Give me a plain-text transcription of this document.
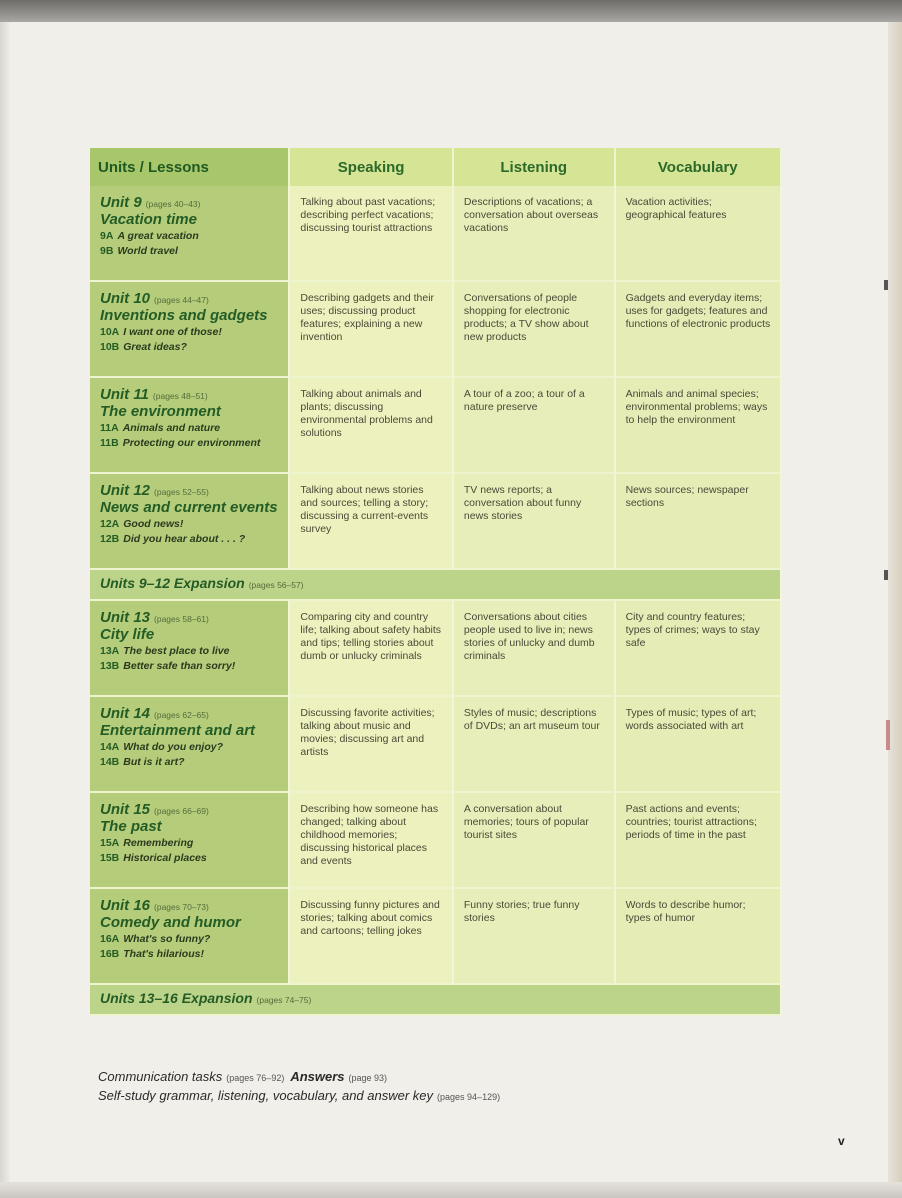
Units / Lessons	Speaking	Listening	Vocabulary

Unit 9 (pages 40–43)
Vacation time
9A A great vacation
9B World travel	Talking about past vacations; describing perfect vacations; discussing tourist attractions	Descriptions of vacations; a conversation about overseas vacations	Vacation activities; geographical features

Unit 10 (pages 44–47)
Inventions and gadgets
10A I want one of those!
10B Great ideas?	Describing gadgets and their uses; discussing product features; explaining a new invention	Conversations of people shopping for electronic products; a TV show about new products	Gadgets and everyday items; uses for gadgets; features and functions of electronic products

Unit 11 (pages 48–51)
The environment
11A Animals and nature
11B Protecting our environment	Talking about animals and plants; discussing environmental problems and solutions	A tour of a zoo; a tour of a nature preserve	Animals and animal species; environmental problems; ways to help the environment

Unit 12 (pages 52–55)
News and current events
12A Good news!
12B Did you hear about . . . ?	Talking about news stories and sources; telling a story; discussing a current-events survey	TV news reports; a conversation about funny news stories	News sources; newspaper sections
Units 9–12 Expansion (pages 56–57)			

Unit 13 (pages 58–61)
City life
13A The best place to live
13B Better safe than sorry!	Comparing city and country life; talking about safety habits and tips; telling stories about dumb or unlucky criminals	Conversations about cities people used to live in; news stories of unlucky and dumb criminals	City and country features; types of crimes; ways to stay safe

Unit 14 (pages 62–65)
Entertainment and art
14A What do you enjoy?
14B But is it art?	Discussing favorite activities; talking about music and movies; discussing art and artists	Styles of music; descriptions of DVDs; an art museum tour	Types of music; types of art; words associated with art

Unit 15 (pages 66–69)
The past
15A Remembering
15B Historical places	Describing how someone has changed; talking about childhood memories; discussing historical places and events	A conversation about memories; tours of popular tourist sites	Past actions and events; countries; tourist attractions; periods of time in the past

Unit 16 (pages 70–73)
Comedy and humor
16A What's so funny?
16B That's hilarious!	Discussing funny pictures and stories; talking about comics and cartoons; telling jokes	Funny stories; true funny stories	Words to describe humor; types of humor
Units 13–16 Expansion (pages 74–75)			
Communication tasks (pages 76–92) Answers (page 93)
Self-study grammar, listening, vocabulary, and answer key (pages 94–129)
v
